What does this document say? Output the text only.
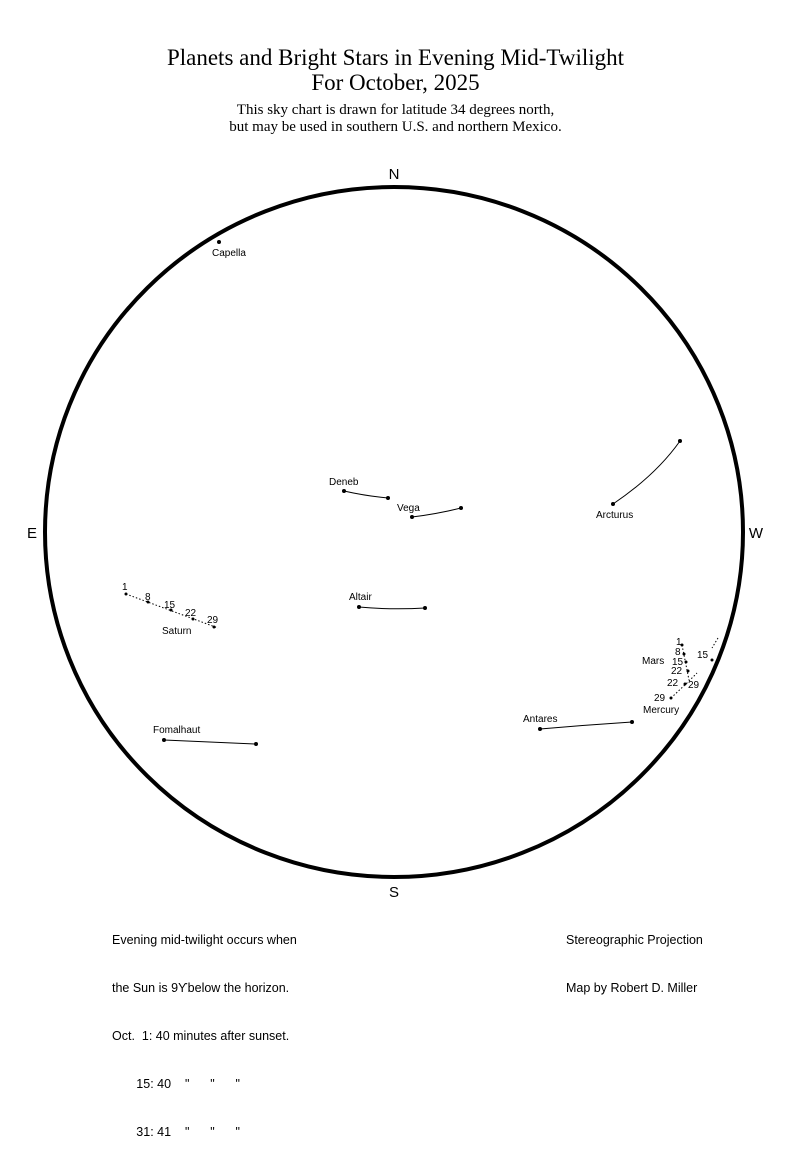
Planets and Bright Stars in Evening Mid-Twilight
For October, 2025
This sky chart is drawn for latitude 34 degrees north,
but may be used in southern U.S. and northern Mexico.
N
S
E	W
Capella
Deneb
Vega
Arcturus
Altair
Fomalhaut
Antares
1
8
15
22
29
Saturn
1
8
15
22
Mars
15
29
22
29
Mercury

Evening mid-twilight occurs when

the Sun is 9ϒbelow the horizon.

Oct.  1: 40 minutes after sunset.

15: 40    "      "      "

31: 41    "      "      "

Stereographic Projection

Map by Robert D. Miller
